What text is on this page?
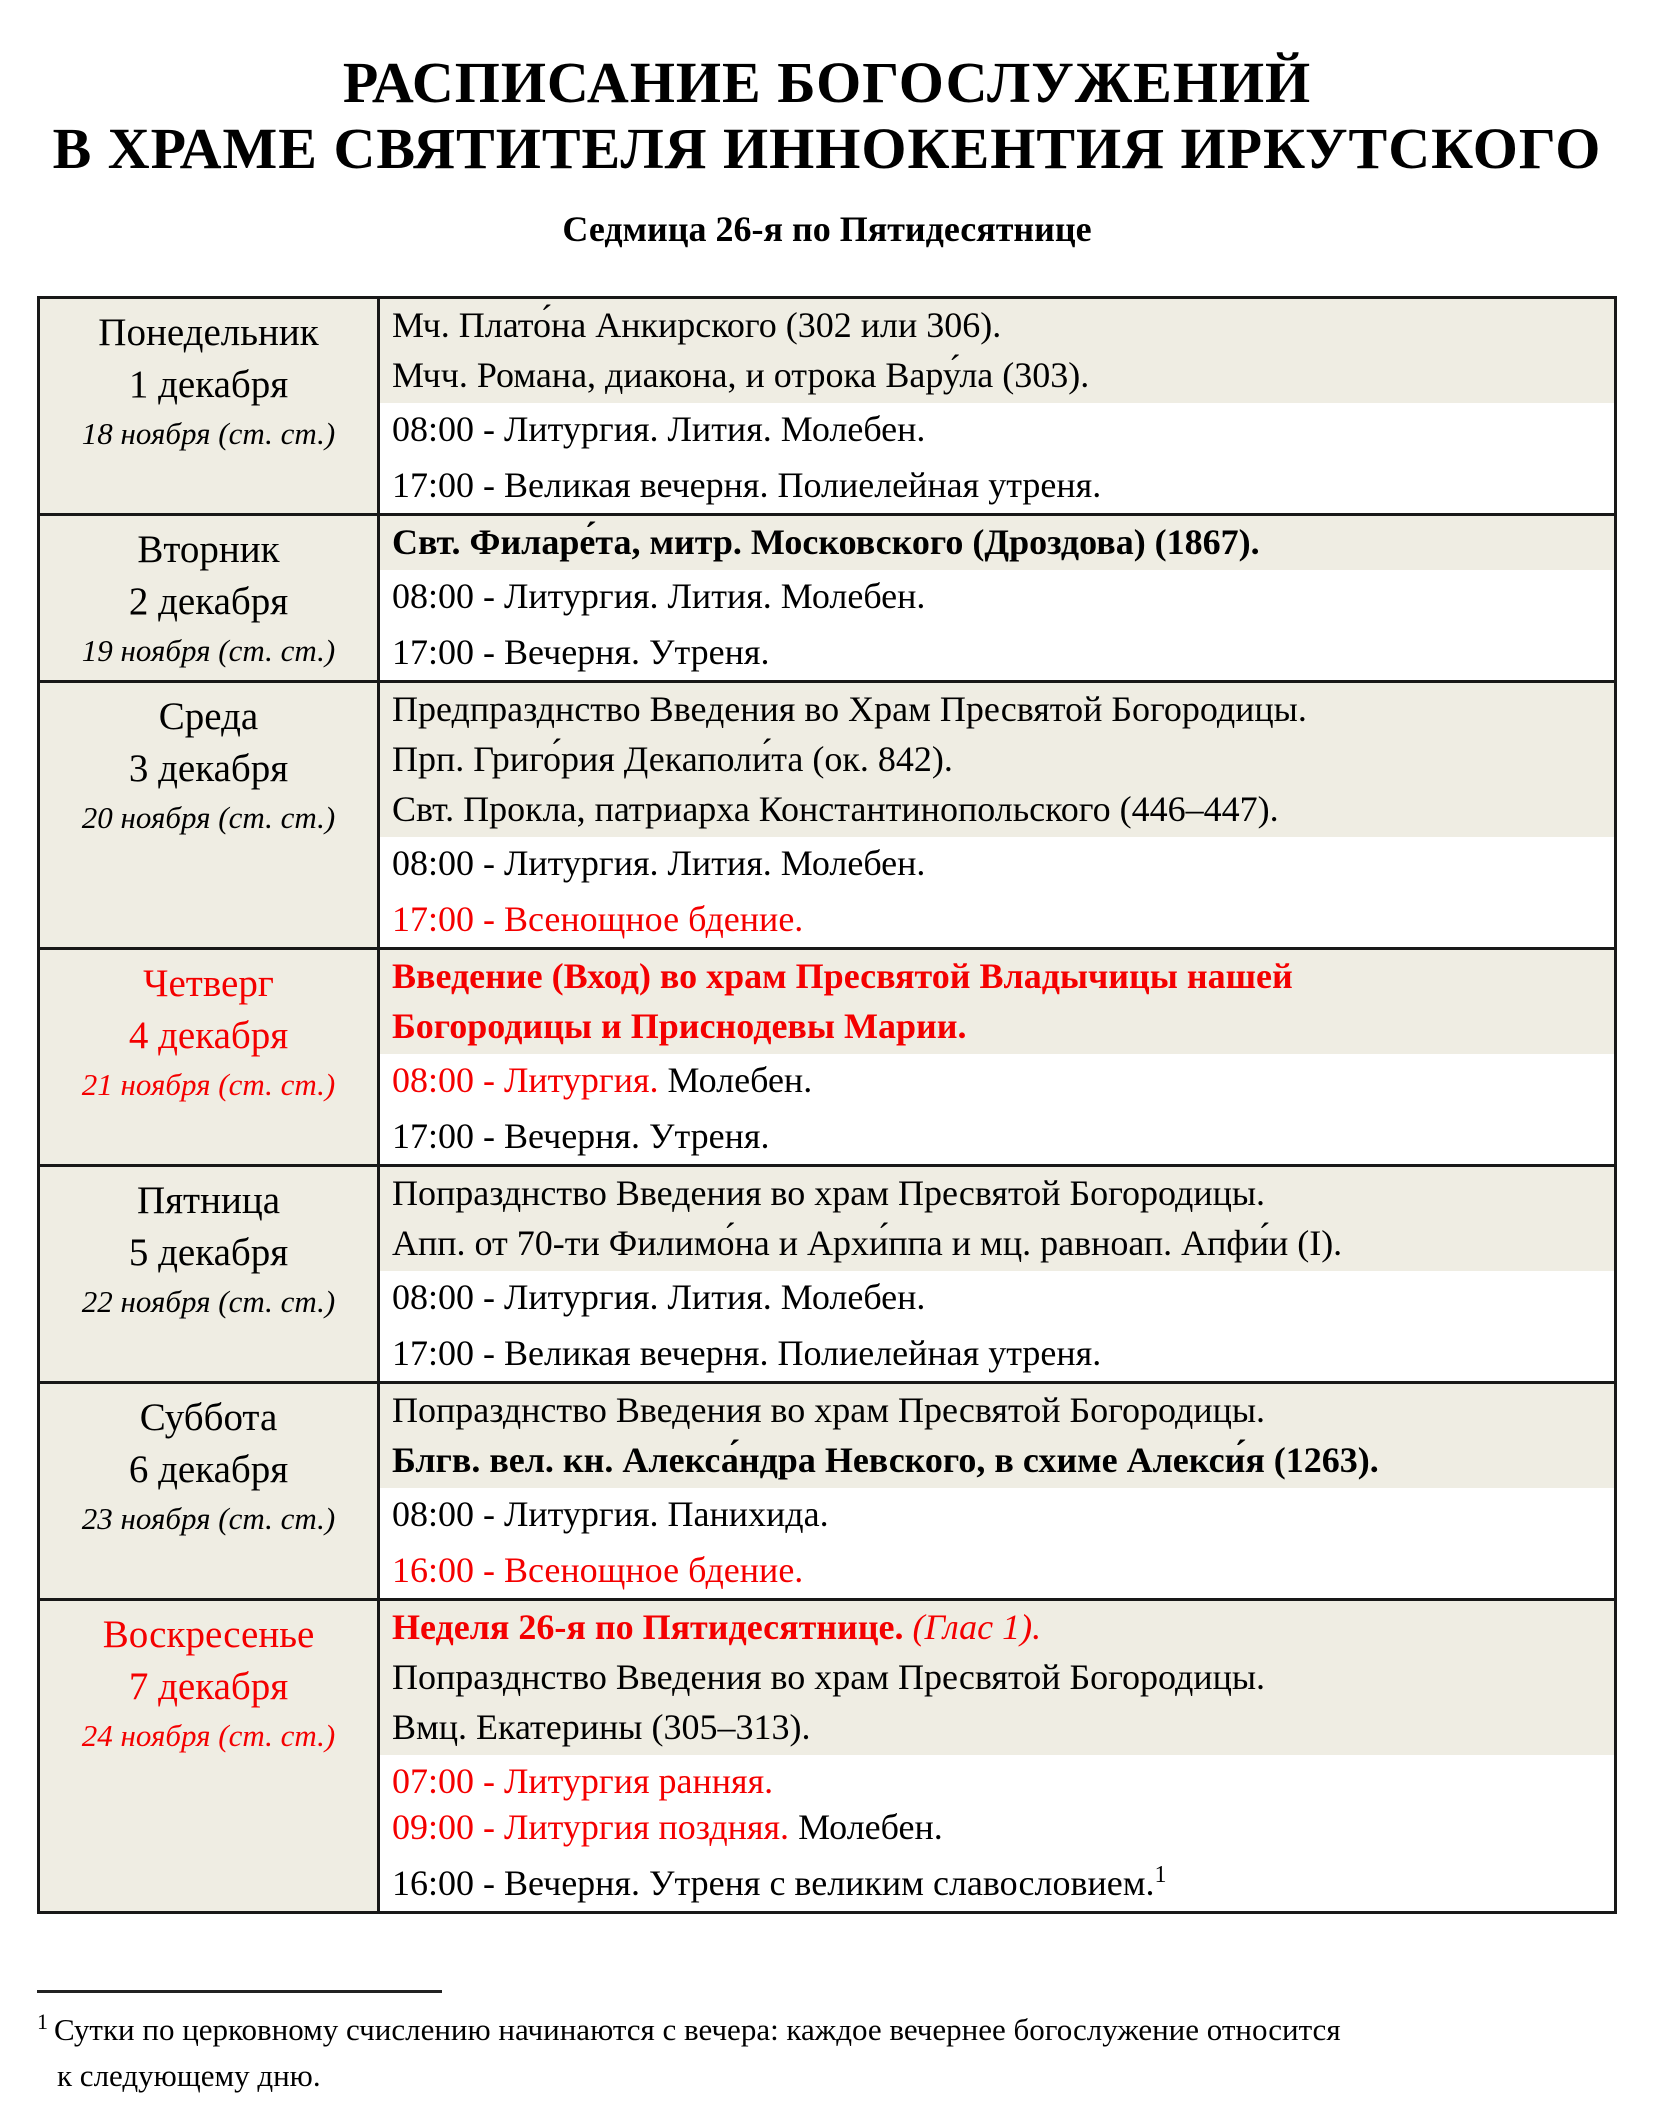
РАСПИСАНИЕ БОГОСЛУЖЕНИЙ
В ХРАМЕ СВЯТИТЕЛЯ ИННОКЕНТИЯ ИРКУТСКОГО
Седмица 26-я по Пятидесятнице
Понедельник
1 декабря
18 ноября (ст. ст.)
Мч. Плато́на Анкирского (302 или 306).
Мчч. Романа, диакона, и отрока Вару́ла (303).
08:00 - Литургия. Лития. Молебен.
17:00 - Великая вечерня. Полиелейная утреня.
Вторник
2 декабря
19 ноября (ст. ст.)
Свт. Филаре́та, митр. Московского (Дроздова) (1867).
08:00 - Литургия. Лития. Молебен.
17:00 - Вечерня. Утреня.
Среда
3 декабря
20 ноября (ст. ст.)
Предпразднство Введения во Храм Пресвятой Богородицы.
Прп. Григо́рия Декаполи́та (ок. 842).
Свт. Прокла, патриарха Константинопольского (446–447).
08:00 - Литургия. Лития. Молебен.
17:00 - Всенощное бдение.
Четверг
4 декабря
21 ноября (ст. ст.)
Введение (Вход) во храм Пресвятой Владычицы нашей
Богородицы и Приснодевы Марии.
08:00 - Литургия. Молебен.
17:00 - Вечерня. Утреня.
Пятница
5 декабря
22 ноября (ст. ст.)
Попразднство Введения во храм Пресвятой Богородицы.
Апп. от 70-ти Филимо́на и Архи́ппа и мц. равноап. Апфи́и (I).
08:00 - Литургия. Лития. Молебен.
17:00 - Великая вечерня. Полиелейная утреня.
Суббота
6 декабря
23 ноября (ст. ст.)
Попразднство Введения во храм Пресвятой Богородицы.
Блгв. вел. кн. Алекса́ндра Невского, в схиме Алекси́я (1263).
08:00 - Литургия. Панихида.
16:00 - Всенощное бдение.
Воскресенье
7 декабря
24 ноября (ст. ст.)
Неделя 26-я по Пятидесятнице. (Глас 1).
Попразднство Введения во храм Пресвятой Богородицы.
Вмц. Екатерины (305–313).
07:00 - Литургия ранняя.
09:00 - Литургия поздняя. Молебен.
16:00 - Вечерня. Утреня с великим славословием.$^1$
$^1$ Сутки по церковному счислению начинаются с вечера: каждое вечернее богослужение относится
к следующему дню.
